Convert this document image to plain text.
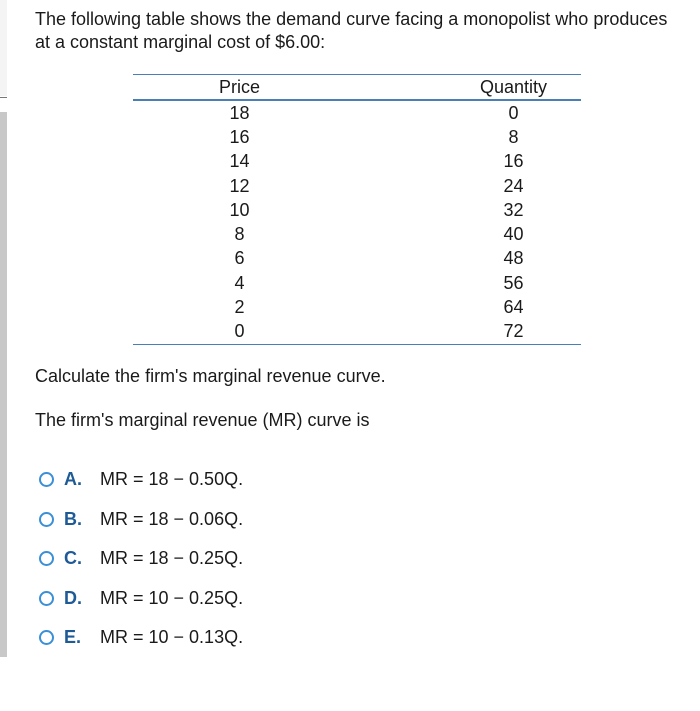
The following table shows the demand curve facing a monopolist who produces at a constant marginal cost of $6.00:
Price		Quantity
18		0
16		8
14		16
12		24
10		32
8		40
6		48
4		56
2		64
0		72
Calculate the firm's marginal revenue curve.
The firm's marginal revenue (MR) curve is
A.	MR = 18 − 0.50Q.
B.	MR = 18 − 0.06Q.
C.	MR = 18 − 0.25Q.
D.	MR = 10 − 0.25Q.
E.	MR = 10 − 0.13Q.
